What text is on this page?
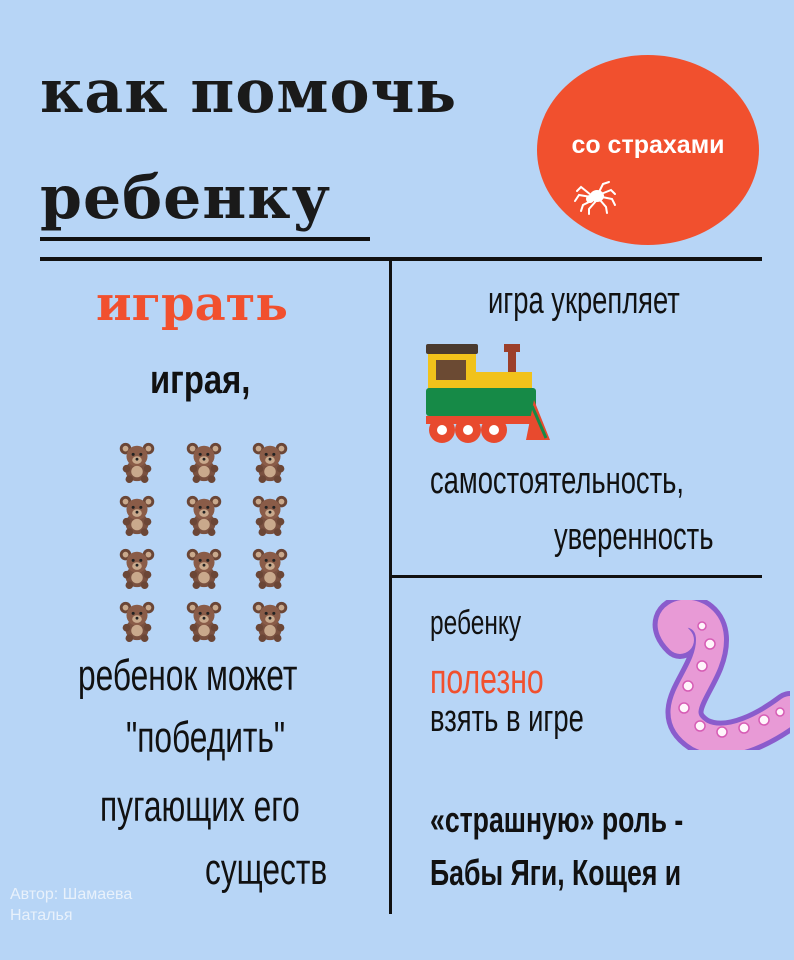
как помочь
ребенку
со страхами
играть
играя,
ребенок может
"победить"
пугающих его
существ
Автор: Шамаева
Наталья
игра укрепляет
самостоятельность,
уверенность
ребенку
полезно
взять в игре
«страшную» роль -
Бабы Яги, Кощея и
